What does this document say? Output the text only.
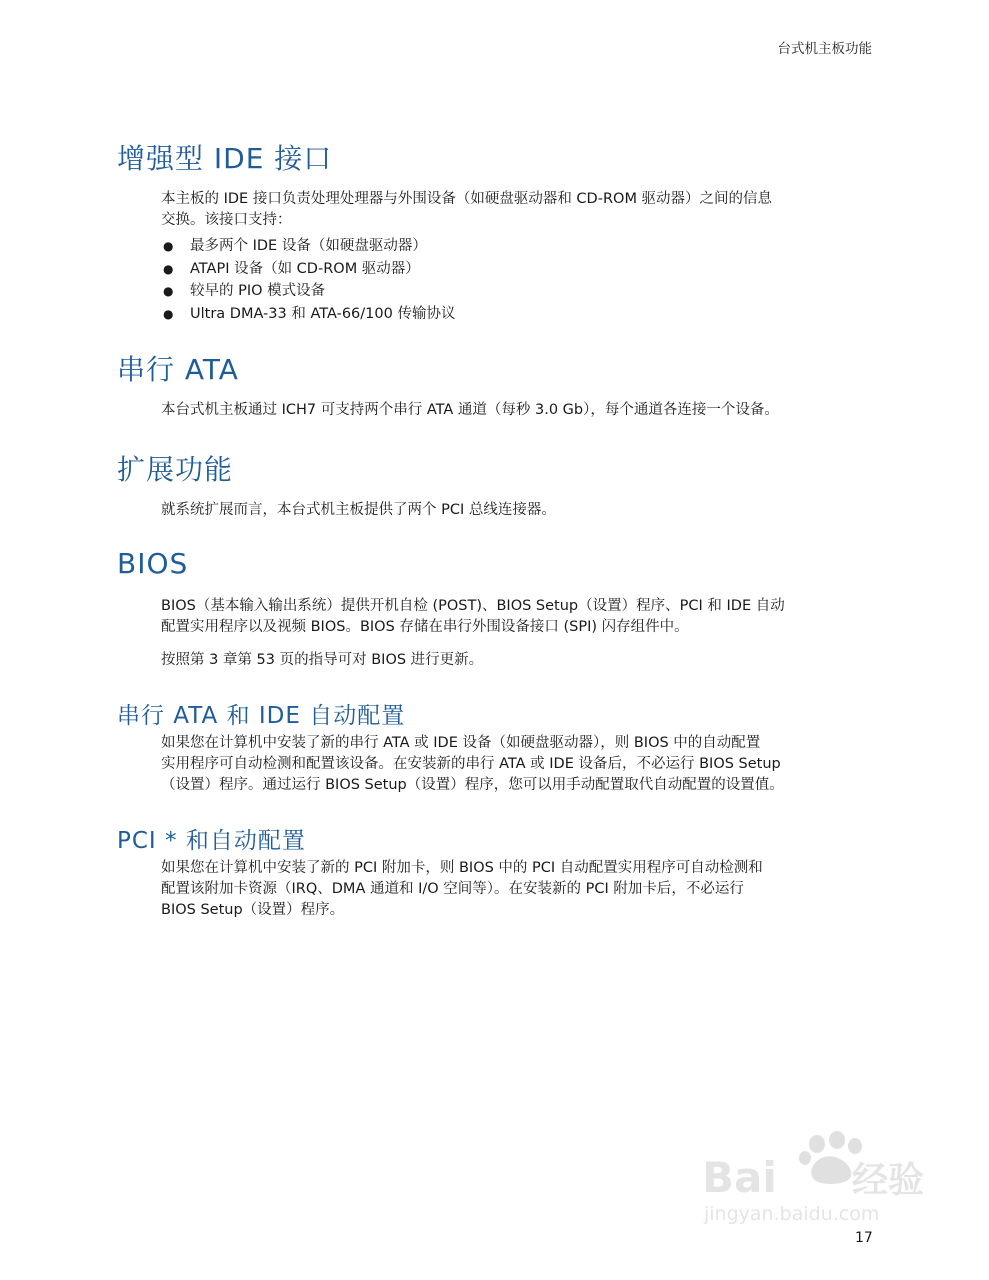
台式机主板功能
增强型 IDE 接口

本主板的 IDE 接口负责处理处理器与外围设备（如硬盘驱动器和 CD-ROM 驱动器）之间的信息
交换。该接口支持：

● 最多两个 IDE 设备（如硬盘驱动器）
● ATAPI 设备（如 CD-ROM 驱动器）
● 较早的 PIO 模式设备
● Ultra DMA-33 和 ATA-66/100 传输协议
串行 ATA

本台式机主板通过 ICH7 可支持两个串行 ATA 通道（每秒 3.0 Gb），每个通道各连接一个设备。

扩展功能

就系统扩展而言，本台式机主板提供了两个 PCI 总线连接器。

BIOS

BIOS（基本输入输出系统）提供开机自检 (POST)、BIOS Setup（设置）程序、PCI 和 IDE 自动
配置实用程序以及视频 BIOS。BIOS 存储在串行外围设备接口 (SPI) 闪存组件中。

按照第 3 章第 53 页的指导可对 BIOS 进行更新。

串行 ATA 和 IDE 自动配置

如果您在计算机中安装了新的串行 ATA 或 IDE 设备（如硬盘驱动器），则 BIOS 中的自动配置
实用程序可自动检测和配置该设备。在安装新的串行 ATA 或 IDE 设备后，不必运行 BIOS Setup
（设置）程序。通过运行 BIOS Setup（设置）程序，您可以用手动配置取代自动配置的设置值。

PCI * 和自动配置

如果您在计算机中安装了新的 PCI 附加卡，则 BIOS 中的 PCI 自动配置实用程序可自动检测和
配置该附加卡资源（IRQ、DMA 通道和 I/O 空间等）。在安装新的 PCI 附加卡后，不必运行
BIOS Setup（设置）程序。

Bai 经验
jingyan.baidu.com
17
